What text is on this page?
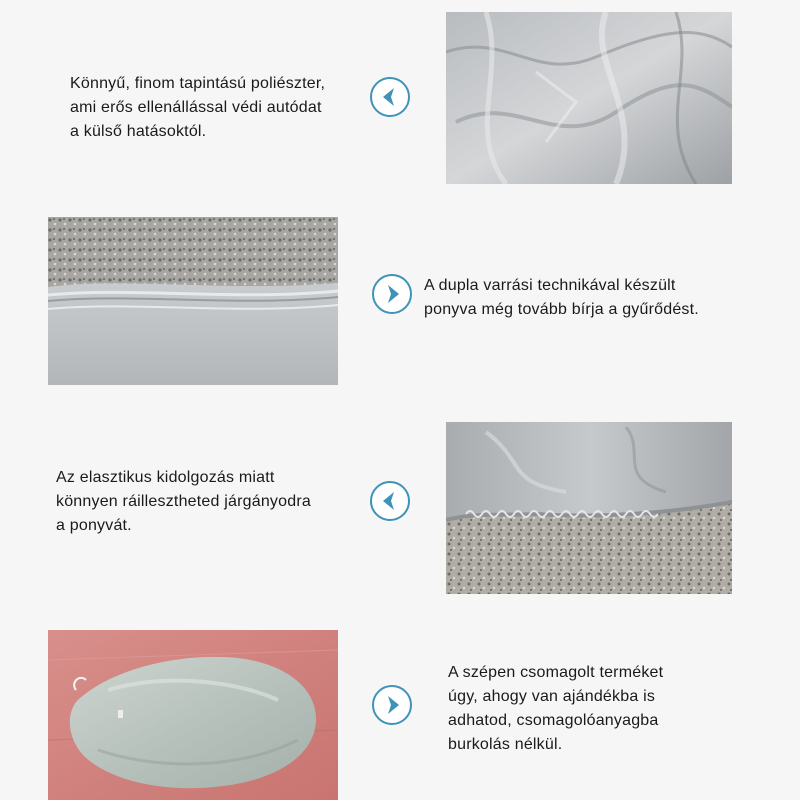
Könnyű, finom tapintású poliészter,
ami erős ellenállással védi autódat
a külső hatásoktól.
A dupla varrási technikával készült
ponyva még tovább bírja a gyűrődést.
Az elasztikus kidolgozás miatt
könnyen ráillesztheted járgányodra
a ponyvát.
A szépen csomagolt terméket
úgy, ahogy van ajándékba is
adhatod, csomagolóanyagba
burkolás nélkül.
